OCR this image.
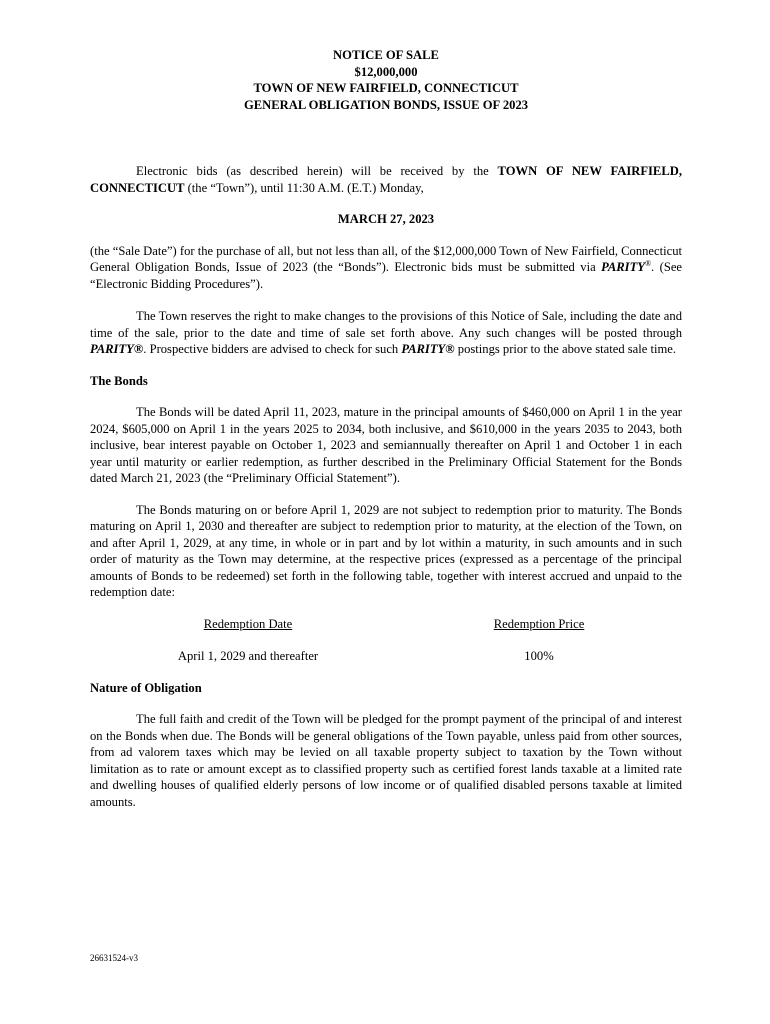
NOTICE OF SALE
$12,000,000
TOWN OF NEW FAIRFIELD, CONNECTICUT
GENERAL OBLIGATION BONDS, ISSUE OF 2023

Electronic bids (as described herein) will be received by the TOWN OF NEW FAIRFIELD, CONNECTICUT (the “Town”), until 11:30 A.M. (E.T.) Monday,

MARCH 27, 2023

(the “Sale Date”) for the purchase of all, but not less than all, of the $12,000,000 Town of New Fairfield, Connecticut General Obligation Bonds, Issue of 2023 (the “Bonds”). Electronic bids must be submitted via PARITY®. (See “Electronic Bidding Procedures”).

The Town reserves the right to make changes to the provisions of this Notice of Sale, including the date and time of the sale, prior to the date and time of sale set forth above. Any such changes will be posted through PARITY®. Prospective bidders are advised to check for such PARITY® postings prior to the above stated sale time.

The Bonds

The Bonds will be dated April 11, 2023, mature in the principal amounts of $460,000 on April 1 in the year 2024, $605,000 on April 1 in the years 2025 to 2034, both inclusive, and $610,000 in the years 2035 to 2043, both inclusive, bear interest payable on October 1, 2023 and semiannually thereafter on April 1 and October 1 in each year until maturity or earlier redemption, as further described in the Preliminary Official Statement for the Bonds dated March 21, 2023 (the “Preliminary Official Statement”).

The Bonds maturing on or before April 1, 2029 are not subject to redemption prior to maturity. The Bonds maturing on April 1, 2030 and thereafter are subject to redemption prior to maturity, at the election of the Town, on and after April 1, 2029, at any time, in whole or in part and by lot within a maturity, in such amounts and in such order of maturity as the Town may determine, at the respective prices (expressed as a percentage of the principal amounts of Bonds to be redeemed) set forth in the following table, together with interest accrued and unpaid to the redemption date:

Redemption Date	Redemption Price
April 1, 2029 and thereafter	100%

Nature of Obligation

The full faith and credit of the Town will be pledged for the prompt payment of the principal of and interest on the Bonds when due. The Bonds will be general obligations of the Town payable, unless paid from other sources, from ad valorem taxes which may be levied on all taxable property subject to taxation by the Town without limitation as to rate or amount except as to classified property such as certified forest lands taxable at a limited rate and dwelling houses of qualified elderly persons of low income or of qualified disabled persons taxable at limited amounts.

26631524-v3
